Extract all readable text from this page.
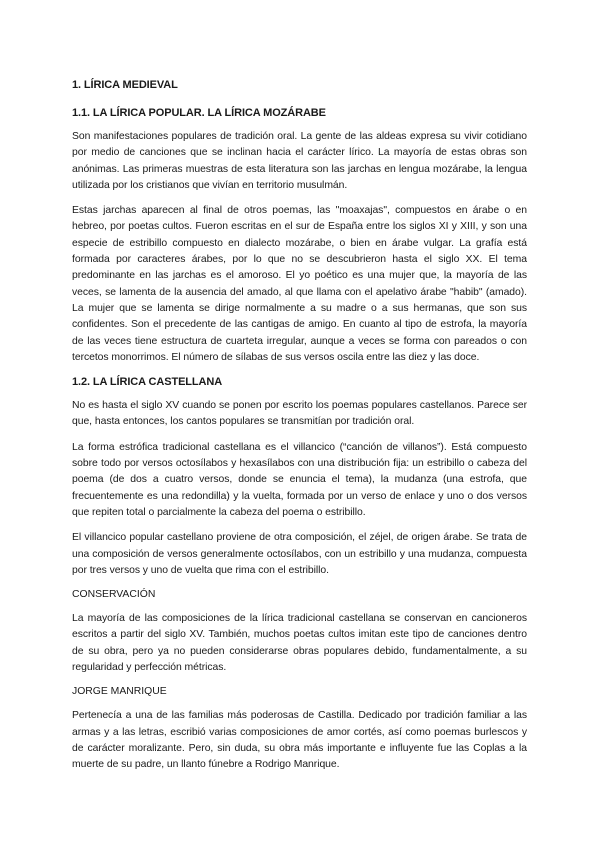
1. LÍRICA MEDIEVAL
1.1. LA LÍRICA POPULAR. LA LÍRICA MOZÁRABE

Son manifestaciones populares de tradición oral. La gente de las aldeas expresa su vivir cotidiano por medio de canciones que se inclinan hacia el carácter lírico. La mayoría de estas obras son anónimas. Las primeras muestras de esta literatura son las jarchas en lengua mozárabe, la lengua utilizada por los cristianos que vivían en territorio musulmán.

Estas jarchas aparecen al final de otros poemas, las "moaxajas", compuestos en árabe o en hebreo, por poetas cultos. Fueron escritas en el sur de España entre los siglos XI y XIII, y son una especie de estribillo compuesto en dialecto mozárabe, o bien en árabe vulgar. La grafía está formada por caracteres árabes, por lo que no se descubrieron hasta el siglo XX. El tema predominante en las jarchas es el amoroso. El yo poético es una mujer que, la mayoría de las veces, se lamenta de la ausencia del amado, al que llama con el apelativo árabe "habib" (amado). La mujer que se lamenta se dirige normalmente a su madre o a sus hermanas, que son sus confidentes. Son el precedente de las cantigas de amigo. En cuanto al tipo de estrofa, la mayoría de las veces tiene estructura de cuarteta irregular, aunque a veces se forma con pareados o con tercetos monorrimos. El número de sílabas de sus versos oscila entre las diez y las doce.

1.2. LA LÍRICA CASTELLANA

No es hasta el siglo XV cuando se ponen por escrito los poemas populares castellanos. Parece ser que, hasta entonces, los cantos populares se transmitían por tradición oral.

La forma estrófica tradicional castellana es el villancico (“canción de villanos”). Está compuesto sobre todo por versos octosílabos y hexasílabos con una distribución fija: un estribillo o cabeza del poema (de dos a cuatro versos, donde se enuncia el tema), la mudanza (una estrofa, que frecuentemente es una redondilla) y la vuelta, formada por un verso de enlace y uno o dos versos que repiten total o parcialmente la cabeza del poema o estribillo.

El villancico popular castellano proviene de otra composición, el zéjel, de origen árabe. Se trata de una composición de versos generalmente octosílabos, con un estribillo y una mudanza, compuesta por tres versos y uno de vuelta que rima con el estribillo.

CONSERVACIÓN

La mayoría de las composiciones de la lírica tradicional castellana se conservan en cancioneros escritos a partir del siglo XV. También, muchos poetas cultos imitan este tipo de canciones dentro de su obra, pero ya no pueden considerarse obras populares debido, fundamentalmente, a su regularidad y perfección métricas.

JORGE MANRIQUE

Pertenecía a una de las familias más poderosas de Castilla. Dedicado por tradición familiar a las armas y a las letras, escribió varias composiciones de amor cortés, así como poemas burlescos y de carácter moralizante. Pero, sin duda, su obra más importante e influyente fue las Coplas a la muerte de su padre, un llanto fúnebre a Rodrigo Manrique.
